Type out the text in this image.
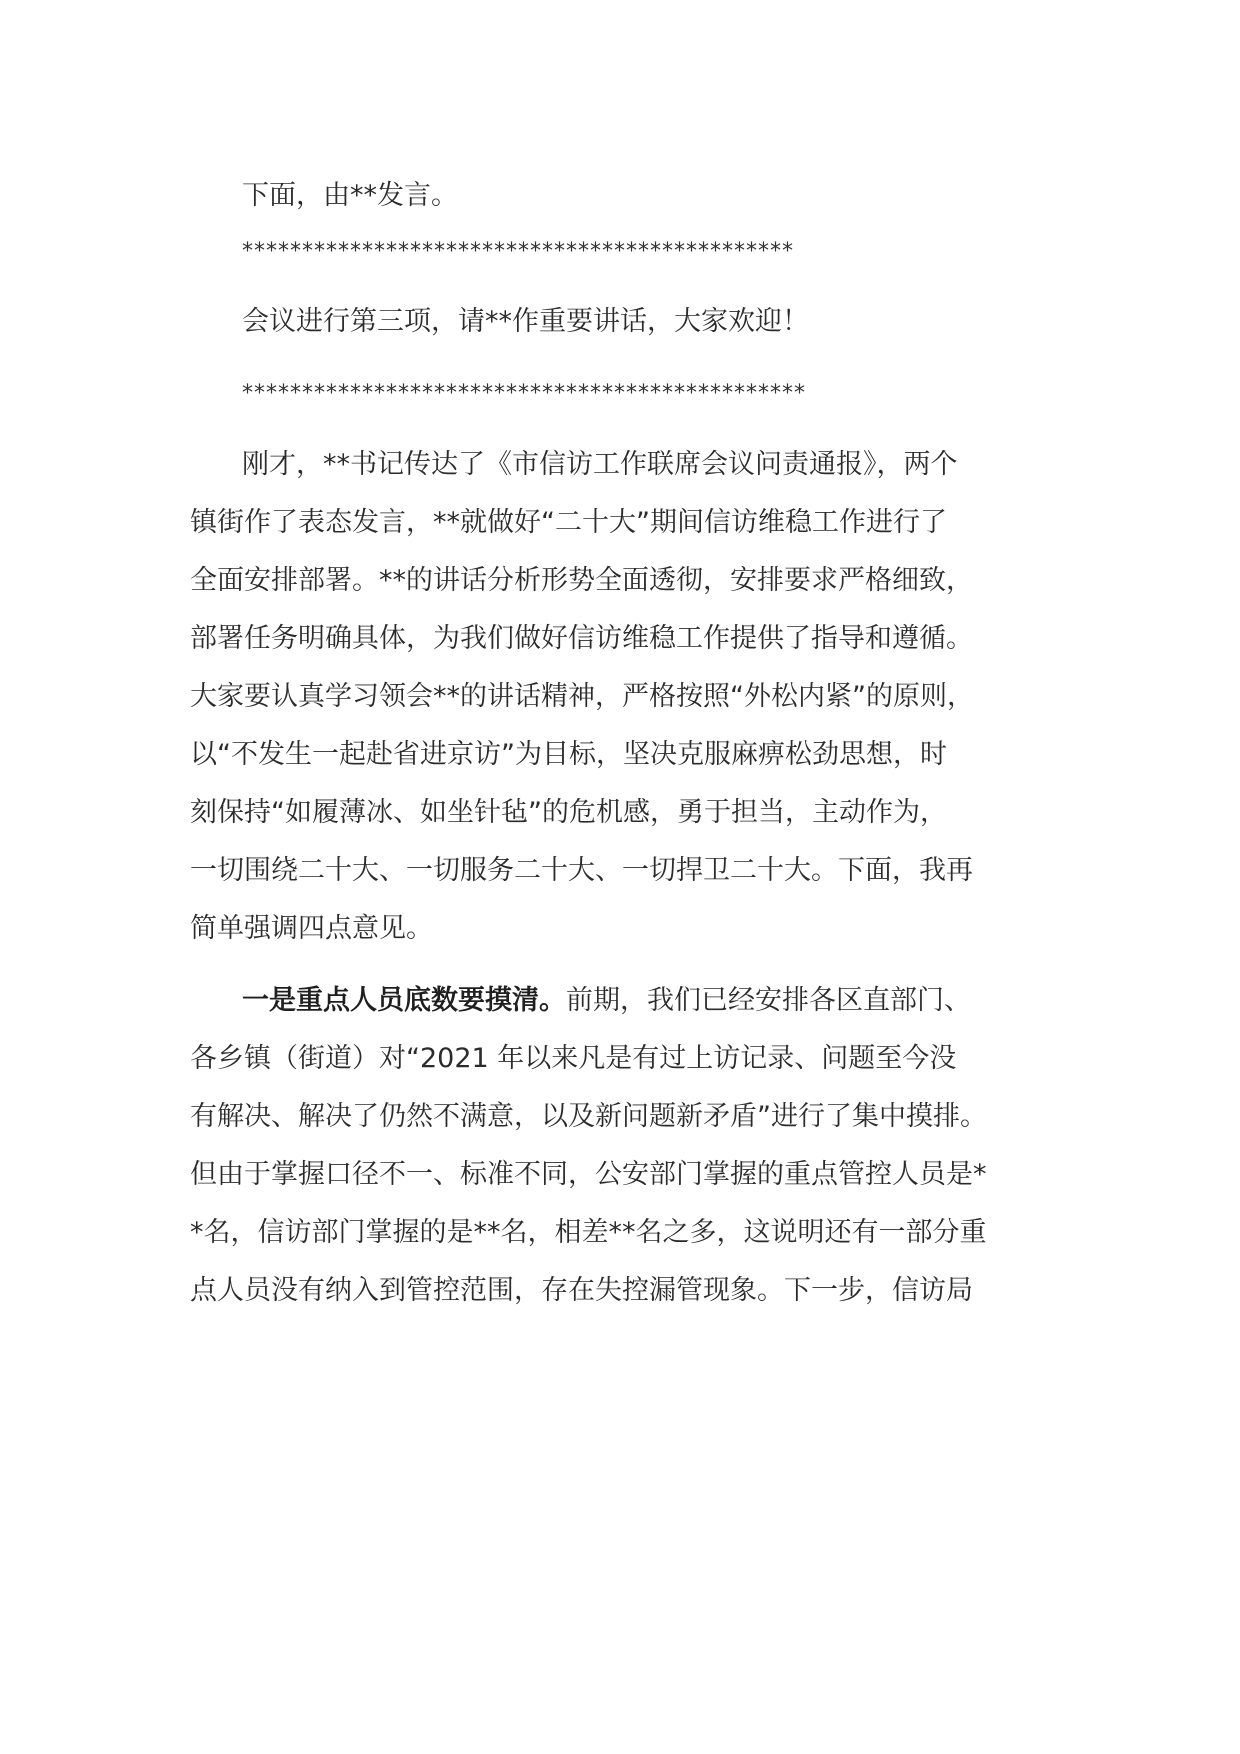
下面，由**发言。
**********************************************
会议进行第三项，请**作重要讲话，大家欢迎！
***********************************************
刚才，**书记传达了《市信访工作联席会议问责通报》，两个
镇街作了表态发言，**就做好“二十大”期间信访维稳工作进行了
全面安排部署。**的讲话分析形势全面透彻，安排要求严格细致，
部署任务明确具体，为我们做好信访维稳工作提供了指导和遵循。
大家要认真学习领会**的讲话精神，严格按照“外松内紧”的原则，
以“不发生一起赴省进京访”为目标，坚决克服麻痹松劲思想，时
刻保持“如履薄冰、如坐针毡”的危机感，勇于担当，主动作为，
一切围绕二十大、一切服务二十大、一切捍卫二十大。下面，我再
简单强调四点意见。
一是重点人员底数要摸清。前期，我们已经安排各区直部门、
各乡镇（街道）对“2021 年以来凡是有过上访记录、问题至今没
有解决、解决了仍然不满意，以及新问题新矛盾”进行了集中摸排。
但由于掌握口径不一、标准不同，公安部门掌握的重点管控人员是*
*名，信访部门掌握的是**名，相差**名之多，这说明还有一部分重
点人员没有纳入到管控范围，存在失控漏管现象。下一步，信访局
